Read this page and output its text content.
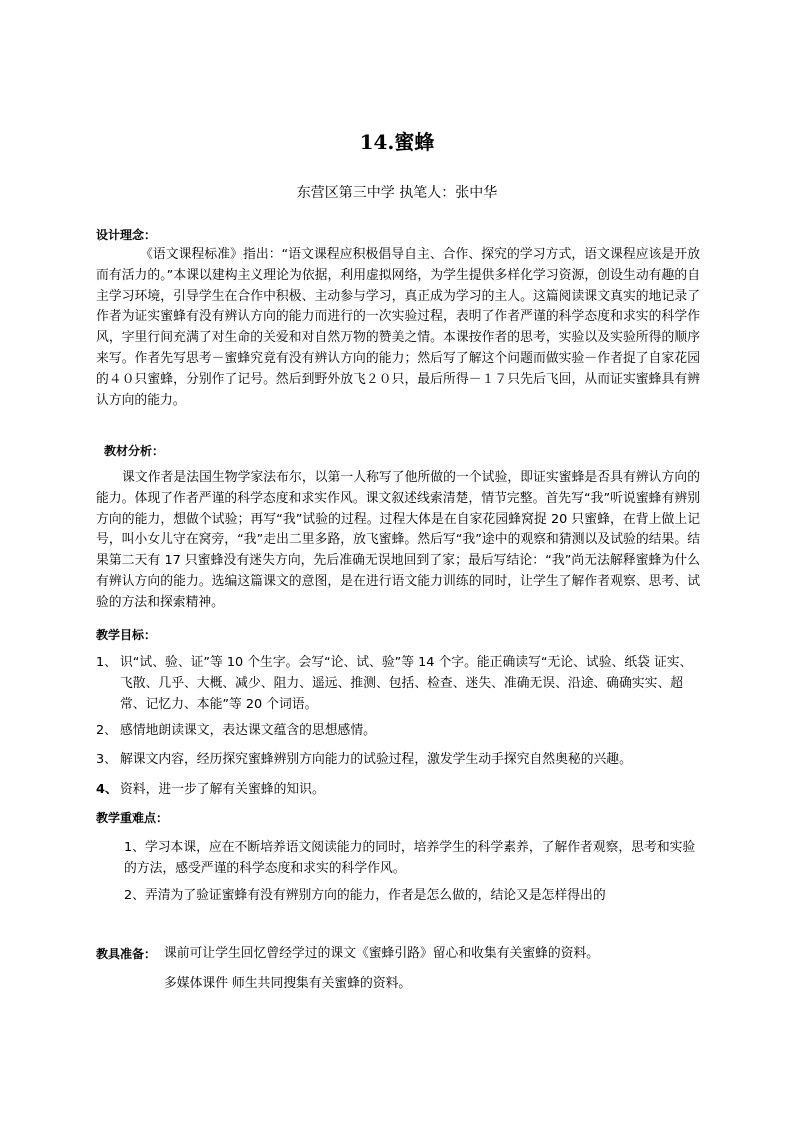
14.蜜蜂
东营区第三中学 执笔人：张中华
设计理念：
《语文课程标准》指出：“语文课程应积极倡导自主、合作、探究的学习方式，语文课程应该是开放而有活力的。”本课以建构主义理论为依据，利用虚拟网络，为学生提供多样化学习资源，创设生动有趣的自主学习环境，引导学生在合作中积极、主动参与学习，真正成为学习的主人。这篇阅读课文真实的地记录了作者为证实蜜蜂有没有辨认方向的能力而进行的一次实验过程，表明了作者严谨的科学态度和求实的科学作风，字里行间充满了对生命的关爱和对自然万物的赞美之情。本课按作者的思考，实验以及实验所得的顺序来写。作者先写思考－蜜蜂究竟有没有辨认方向的能力；然后写了解这个问题而做实验－作者捉了自家花园的４０只蜜蜂，分别作了记号。然后到野外放飞２０只，最后所得－１７只先后飞回，从而证实蜜蜂具有辨认方向的能力。
教材分析：
课文作者是法国生物学家法布尔，以第一人称写了他所做的一个试验，即证实蜜蜂是否具有辨认方向的能力。体现了作者严谨的科学态度和求实作风。课文叙述线索清楚，情节完整。首先写“我”听说蜜蜂有辨别方向的能力，想做个试验；再写“我”试验的过程。过程大体是在自家花园蜂窝捉 20 只蜜蜂，在背上做上记号，叫小女儿守在窝旁，“我”走出二里多路，放飞蜜蜂。然后写“我”途中的观察和猜测以及试验的结果。结果第二天有 17 只蜜蜂没有迷失方向，先后准确无误地回到了家；最后写结论：“我”尚无法解释蜜蜂为什么有辨认方向的能力。选编这篇课文的意图，是在进行语文能力训练的同时，让学生了解作者观察、思考、试验的方法和探索精神。
教学目标：
1、 识“试、验、证”等 10 个生字。会写“论、试、验”等 14 个字。能正确读写“无论、试验、纸袋 证实、飞散、几乎、大概、减少、阻力、遥远、推测、包括、检查、迷失、准确无误、沿途、确确实实、超常、记忆力、本能”等 20 个词语。
2、 感情地朗读课文，表达课文蕴含的思想感情。
3、 解课文内容，经历探究蜜蜂辨别方向能力的试验过程，激发学生动手探究自然奥秘的兴趣。
4、 资料，进一步了解有关蜜蜂的知识。
教学重难点：
1、学习本课，应在不断培养语文阅读能力的同时，培养学生的科学素养，了解作者观察，思考和实验的方法，感受严谨的科学态度和求实的科学作风。
2、弄清为了验证蜜蜂有没有辨别方向的能力，作者是怎么做的，结论又是怎样得出的
教具准备： 课前可让学生回忆曾经学过的课文《蜜蜂引路》留心和收集有关蜜蜂的资料。
多媒体课件 师生共同搜集有关蜜蜂的资料。
